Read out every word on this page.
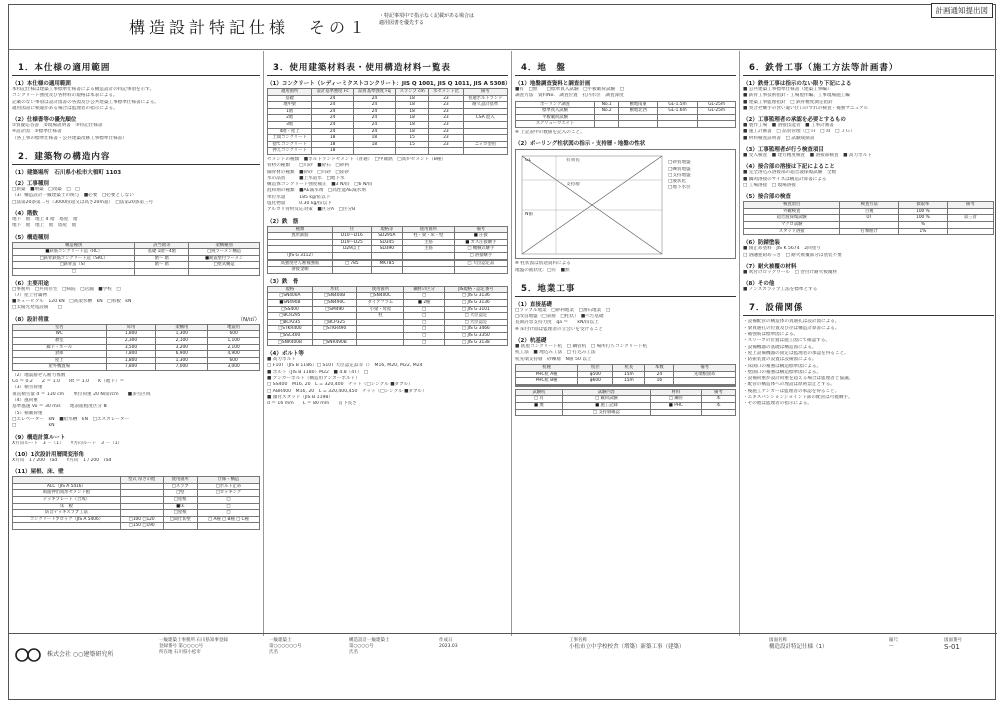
構造設計特記仕様　その１
・特記事項中で指示なく記載がある場合は
適用図書を優先する
計画通知提出図
1．本仕様の適用範囲
（1）本仕様の適用範囲
本特記仕様は建築工事標準仕様書による構造設計の特記事項を示す。
コンクリート強度及び各材料の規格は本表による。
記載のない事項は設計図書の各図及び公共建築工事標準仕様書による。
適用図書に相違がある場合は監理者の指示による。
（2）仕様書等の優先順位
①質疑応答書　②現場説明書　③特記仕様書
④設計図　⑤標準仕様書
（各工事の標準仕様書・公共建築改修工事標準仕様書）
2．建築物の構造内容
（1）建築場所　石川県小松市大領町 1103
（2）工事種別
□新築　■増築　□改築　□　□
（3）構造設計一級建築士の関与　■必要　□必要としない
□法第20条第二号（3000㎡超又は高さ20m超）　□法第20条第三号
（4）階数
地下　階　地上 4 階　塔屋　階
地下　階　地上　階　塔屋　階
（5）構造種別
構造種別	該当階等	架構種別
■鉄筋コンクリート造（RC）	基礎 1階～4階	□純ラーメン構造
□鉄骨鉄筋コンクリート造（SRC）	階～ 階	■耐震壁付ラーメン
□鉄骨造（S）	階～ 階	□壁式構造
□		
（6）主要用途
□事務所　□共同住宅　□病院　□店舗　■学校　□
（7）屋上付属物
■キュービクル　120 kN　□高架水槽　kN　□看板　kN
□太陽光発電設備　　□
（8）設計荷重	（N/㎡）
室名	床用	架構用	地震用
WC	1,800	1,300	600
教室	2,300	2,100	1,100
廊下・ホール	3,500	3,200	2,100
倉庫	7,800	6,900	4,900
屋上	1,800	1,300	600
屋外機置場	7,800	7,000	3,000
（2）地震層せん断力係数
Co ＝ 0.2　　Z ＝ 1.0　　Rt ＝ 1.0　　K（地下）＝
（3）積雪荷重
垂直積雪量 d ＝ 130 cm　　単位荷重 20 N/㎡/cm　　■多雪区域
（4）風荷重
基準風速 Vo ＝ 30 m/s　　地表面粗度区分 Ⅲ
（5）積載荷重
□エレベーター　kN　■給水槽　kN　□エスカレーター
□　　　　　　　kN
（9）構造計算ルート
X方向ルート　3 －（1）　　Y方向ルート　3 －（1）
（10）1次設計用層間変形角
X方向　1 / 200　rad　　Y方向　1 / 200　rad
（11）屋根、床、壁
	型式 厚さの他	使用箇所	仕様・構造
ALC（JIS A 5416）		□スラブ	□ボルト止め
両面押出成形セメント板		□壁	□ロッキング
デッキプレート（合成）		□屋根	□
床　板		■床	□
防音デッキスラブ工法		□屋根	□
コンクリートブロック（JIS A 5406）	□100 □120	□間仕切壁	□ A種 □ B種 □ C種
	□150 □190		
3．使用建築材料表・使用構造材料一覧表
（1）コンクリート（レディーミクストコンクリート：JIS Q 1001, JIS Q 1011, JIS A 5308）
適用箇所	設計基準強度 Fc	品質基準強度 Fq	スランプ cm	水セメント比	備考
基礎	24	24	18	23	普通ポルトランド
地中梁	24	24	18	23	耐久設計基準
1階	24	24	18	23	
2階	24	24	18	23	CSA 混入
3階	24	24	18	23	
4階・屋上	24	24	18	23	
土間コンクリート	18	18	15	23	
捨てコンクリート	18	18	15	23	ニッカ型用
押えコンクリート	18				
セメントの種類　■ポルトランドセメント（普通）　□中庸熱　□高炉セメント（B種）
骨材の種類　　□川砂　■砕石　□砂利
細骨材の種類　■砕砂　□川砂　□陸砂
水の品質　　　■上水道水　□地下水
構造体コンクリート強度補正　■3 N/㎡　□6 N/㎡
混和剤の種類　■AE減水剤　□高性能AE減水剤
単位水量　　　185 kg/㎥以下
塩化物量　　　0.30 kg/㎥以下
アルカリ骨材反応対策　■区分A　□区分B
（2）鉄　筋
種類	径	規格等	使用箇所	備考
異形鉄筋	D10～D16	SD295A	柱・梁・床・壁	■ 圧接
	D19～D25	SD345	主筋	■ ガス圧接継手
	D29以上	SD390	主筋	□ 機械式継手
（JIS G 3112）				□ 溶接継手

高強度せん断補強筋	□ 785	MK785		□ 大臣認定品
溶接金網				
（3）鉄　骨
規格	形状	使用箇所	鋼材の区分	JIS規格・認定番号
□SN400A	□SN400B	□SN400C	□	□ JIS G 3136
■SN490B	□SN490C	ダイアフラム	■ 2種	□ JIS G 3136
□SS400	□SM490	小梁・母屋	□	□ JIS G 3101
□BCR295		柱	□	□ 大臣認定
□BCP235	□BCP325		□	□ 大臣認定
□STKR400	□STKR490		□	□ JIS G 3466
□SSC400			□	□ JIS G 3350
□SNR400B	□SNR490B		□	□ JIS G 3138
（4）ボルト等
■ 高力ボルト
□ F10T（JIS B 1186）□ S10T 大臣認定品等（）　M16, M20, M22, M24
■ ボルト（JIS B 1180）M22　■ 4.8（4T）　□
■ アンカーボルト（構造用アンカーボルト）
□ SS400　M16, 20　L = 320,400　ナット（□シングル ■ダブル）
□ ABR400　M16, 20　L = 320,400,450　ナット（□シングル ■ダブル）
■ 頭付スタッド（JIS B 1198）
d ＝ 16 mm　　L ＝ 80 mm　　首下長さ
4．地　盤
（1）地盤調査資料と調査計画
■有　□無　　□標準貫入試験　□平板載荷試験　□
調査方法　資料No.　調査位置　孔内水位　調査深度
ボーリング調査	No.1	敷地南東	GL-1.5m	GL-25m
標準貫入試験	No.2	敷地北西	GL-1.6m	GL-25m
平板載荷試験				
スクリューウエイト				
※ 上記表中の数値を記入のこと。
（2）ボーリング柱状図の指示・支持層・地盤の性状
□砂質地盤
□礫質地盤
□支持地盤
□液状化
□地下水位
有効長
支持層
GL
N値
※ 柱状図は別途資料による
地盤の液状化：□有　■無
5．地業工事
（1）直接基礎
□ラップル地業　□砂利地業　□割石地業　□
□改良地盤（□表層　□柱状）　■べた基礎
長期許容支持力度　qa ＝　　kN/㎡以上
※ 床付け面は監理者の立会いを受けること
（2）杭基礎
■ 既製コンクリート杭　□ 鋼管杭　□ 場所打ちコンクリート杭
杭工法　■ 埋込み工法　□ 打込み工法
杭先端支持層　砂礫層　N値 50 以上
杭種	杭径	杭長	本数	備考
PHC杭 A種	φ500	15m	24	先端根固め
PHC杭 B種	φ600	15m	16	

試験杭	試験内容	材料	備考
□ 有	□ 載荷試験	□ 鋼管	本
■ 無	■ 施工記録	■ PHC	本
	□ 支持層確認		
6．鉄骨工事（施工方法等計画書）
（1）鉄骨工事は指示のない限り下記による
■ 公共建築工事標準仕様書（建築工事編）
■ 鉄骨工事技術指針・工場製作編、工事現場施工編
■ 建築工事監理指針　□ 鉄骨精度測定指針
■ 突合せ継手の食い違い仕口のずれの検査・補強マニュアル
（2）工事監理者の承認を必要とするもの
■ 製作工場　■ 溶接技能者　■ 工事計画書
■ 施工計画書　□ 品質管理（□ Ｈ　□ Ｍ　□ ＪＧ）
■ 材料検査証明書　□ 試験成績書
（3）工事監理者が行う検査項目
■ 受入検査　■ 建方精度検査　■ 溶接部検査　■ 高力ボルト
（4）接合部の溶接は下記によること
■ 完全溶込み溶接部の超音波探傷試験　全数
■ 隅肉溶接のサイズは構造計算書による
□ 工場溶接　□ 現場溶接
（5）接合部の検査
検査項目	検査方法	抜取率	備考
外観検査	目視	100 %	
超音波探傷試験	UT	100 %	第三者
マクロ試験		%	
スタッド溶接	打撃曲げ	1%	
（6）防錆塗装
■ 錆止め塗料　JIS K 5674　2回塗り
□ 溶融亜鉛めっき　□ 耐火被覆部分は塗装不要
（7）耐火被覆の材料
■ 吹付けロックウール　□ 巻付け耐火被覆材
（8）その他
■ ノンスカラップ工法を標準とする
7．設備関係
・設備配管の構造体の貫通孔は設計図による。
・梁貫通孔の位置及び径は構造計算書による。
・補強筋は標準図による。
・スリーブの位置は施工図にて確認する。
・設備機器の基礎は構造図による。
・屋上設備機器の固定は監理者の承認を得ること。
・防振装置の設置は設備図による。
・床開口の補強は構造標準図による。
・壁開口の補強は構造標準図による。
・設備荷重が設計荷重を超える場合は監理者と協議。
・配管の構造体への埋設は原則禁止とする。
・後施工アンカーは監理者の承認を得ること。
・エキスパンションジョイント部の配管は可撓継手。
・その他は監理者の指示による。
株式会社 ○○建築研究所
一級建築士事務所 石川県知事登録
登録番号 第○○○○号
所在地 石川県小松市
一級建築士
第○○○○○○号
氏名
構造設計一級建築士
第○○○○号
氏名
作成日
2023.03
工事名称
小松市立中学校校舎（増築）新築工事（建築）
図面名称
構造設計特記仕様（1）
縮尺
―
図面番号
S-01
